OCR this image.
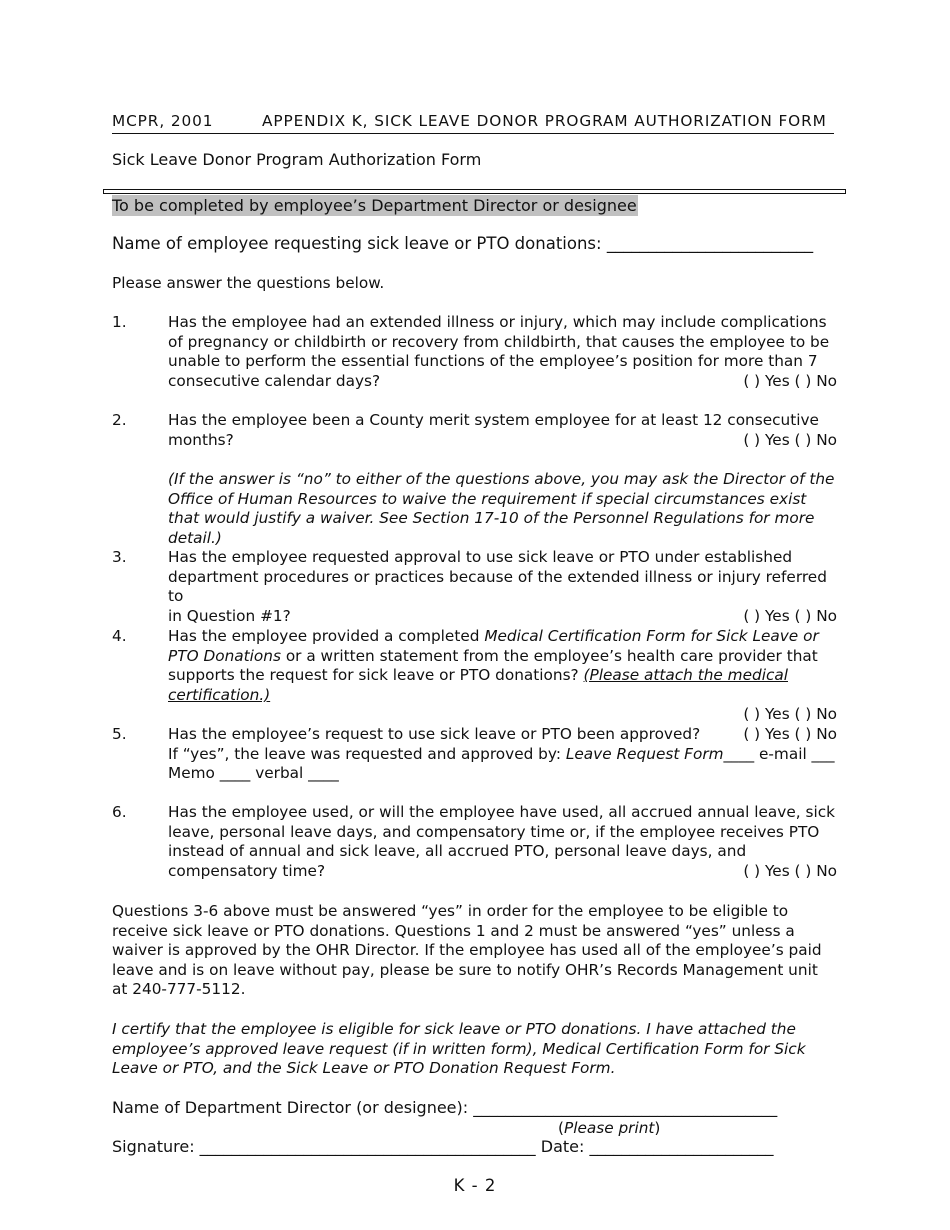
MCPR, 2001	APPENDIX K, SICK LEAVE DONOR PROGRAM AUTHORIZATION FORM
Sick Leave Donor Program Authorization Form
To be completed by employee’s Department Director or designee
Name of employee requesting sick leave or PTO donations: _________________________
Please answer the questions below.
1.	Has the employee had an extended illness or injury, which may include complications of pregnancy or childbirth or recovery from childbirth, that causes the employee to be unable to perform the essential functions of the employee’s position for more than 7
consecutive calendar days?	( ) Yes ( ) No
2.	Has the employee been a County merit system employee for at least 12 consecutive
months?	( ) Yes ( ) No
(If the answer is “no” to either of the questions above, you may ask the Director of the Office of Human Resources to waive the requirement if special circumstances exist that would justify a waiver. See Section 17-10 of the Personnel Regulations for more detail.)
3.	Has the employee requested approval to use sick leave or PTO under established department procedures or practices because of the extended illness or injury referred to
in Question #1?	( ) Yes ( ) No
4.	Has the employee provided a completed Medical Certification Form for Sick Leave or PTO Donations or a written statement from the employee’s health care provider that supports the request for sick leave or PTO donations? (Please attach the medical certification.)
( ) Yes ( ) No
5.	Has the employee’s request to use sick leave or PTO been approved?	( ) Yes ( ) No
If “yes”, the leave was requested and approved by: Leave Request Form____ e-mail ___
Memo ____ verbal ____
6.	Has the employee used, or will the employee have used, all accrued annual leave, sick leave, personal leave days, and compensatory time or, if the employee receives PTO instead of annual and sick leave, all accrued PTO, personal leave days, and
compensatory time?	( ) Yes ( ) No
Questions 3-6 above must be answered “yes” in order for the employee to be eligible to receive sick leave or PTO donations. Questions 1 and 2 must be answered “yes” unless a waiver is approved by the OHR Director. If the employee has used all of the employee’s paid leave and is on leave without pay, please be sure to notify OHR’s Records Management unit at 240-777-5112.
I certify that the employee is eligible for sick leave or PTO donations. I have attached the employee’s approved leave request (if in written form), Medical Certification Form for Sick Leave or PTO, and the Sick Leave or PTO Donation Request Form.
Name of Department Director (or designee): ______________________________________
(Please print)
Signature: __________________________________________ Date: _______________________
K - 2
